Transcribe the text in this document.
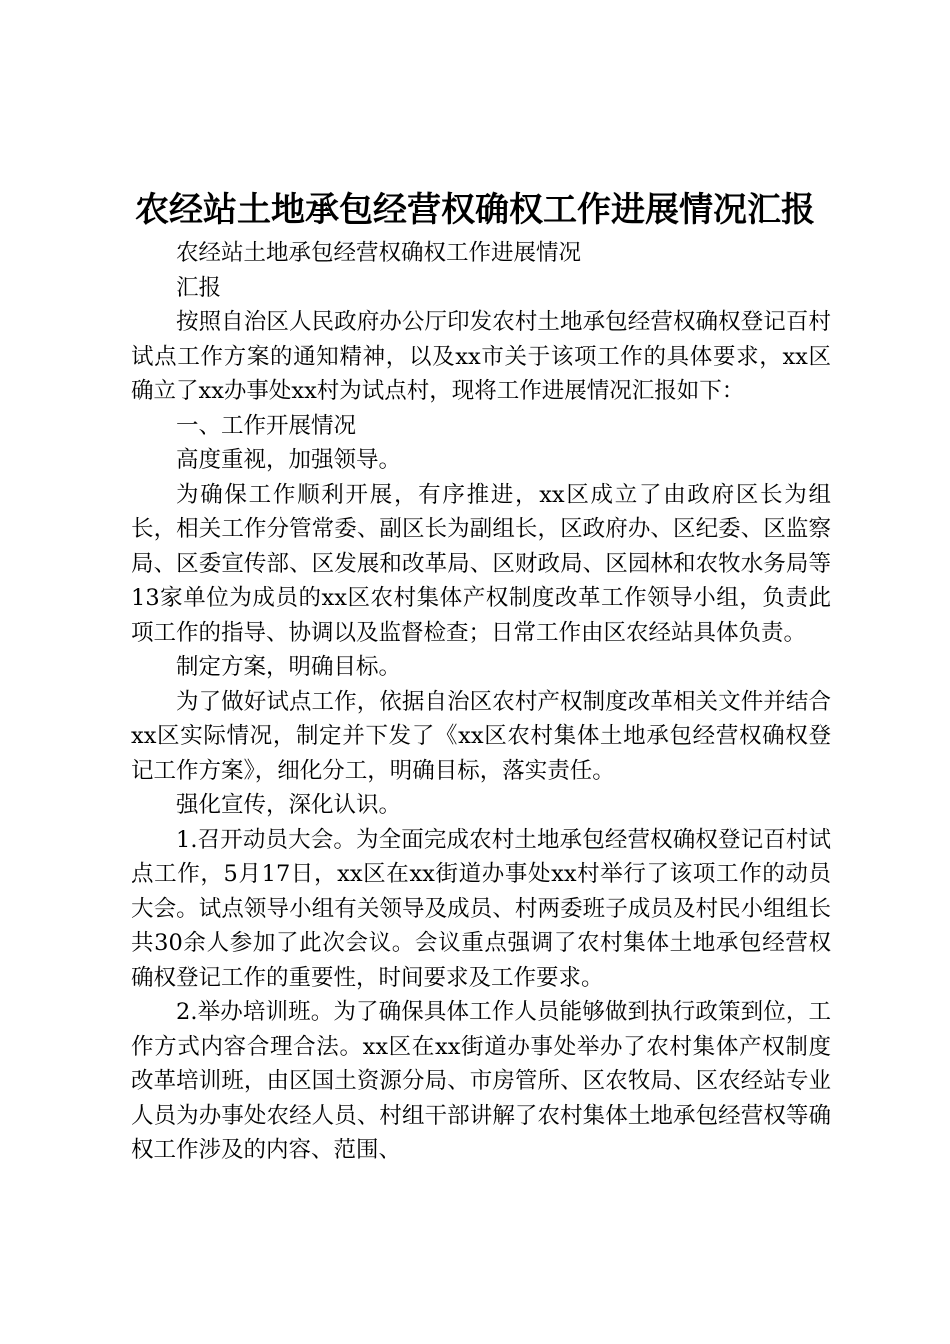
农经站土地承包经营权确权工作进展情况汇报

农经站土地承包经营权确权工作进展情况

汇报

按照自治区人民政府办公厅印发农村土地承包经营权确权登记百村试点工作方案的通知精神，以及xx市关于该项工作的具体要求，xx区确立了xx办事处xx村为试点村，现将工作进展情况汇报如下：

一、工作开展情况

高度重视，加强领导。

为确保工作顺利开展，有序推进，xx区成立了由政府区长为组长，相关工作分管常委、副区长为副组长，区政府办、区纪委、区监察局、区委宣传部、区发展和改革局、区财政局、区园林和农牧水务局等13家单位为成员的xx区农村集体产权制度改革工作领导小组，负责此项工作的指导、协调以及监督检查；日常工作由区农经站具体负责。

制定方案，明确目标。

为了做好试点工作，依据自治区农村产权制度改革相关文件并结合xx区实际情况，制定并下发了《xx区农村集体土地承包经营权确权登记工作方案》，细化分工，明确目标，落实责任。

强化宣传，深化认识。

1.召开动员大会。为全面完成农村土地承包经营权确权登记百村试点工作，5月17日，xx区在xx街道办事处xx村举行了该项工作的动员大会。试点领导小组有关领导及成员、村两委班子成员及村民小组组长共30余人参加了此次会议。会议重点强调了农村集体土地承包经营权确权登记工作的重要性，时间要求及工作要求。

2.举办培训班。为了确保具体工作人员能够做到执行政策到位，工作方式内容合理合法。xx区在xx街道办事处举办了农村集体产权制度改革培训班，由区国土资源分局、市房管所、区农牧局、区农经站专业人员为办事处农经人员、村组干部讲解了农村集体土地承包经营权等确权工作涉及的内容、范围、
